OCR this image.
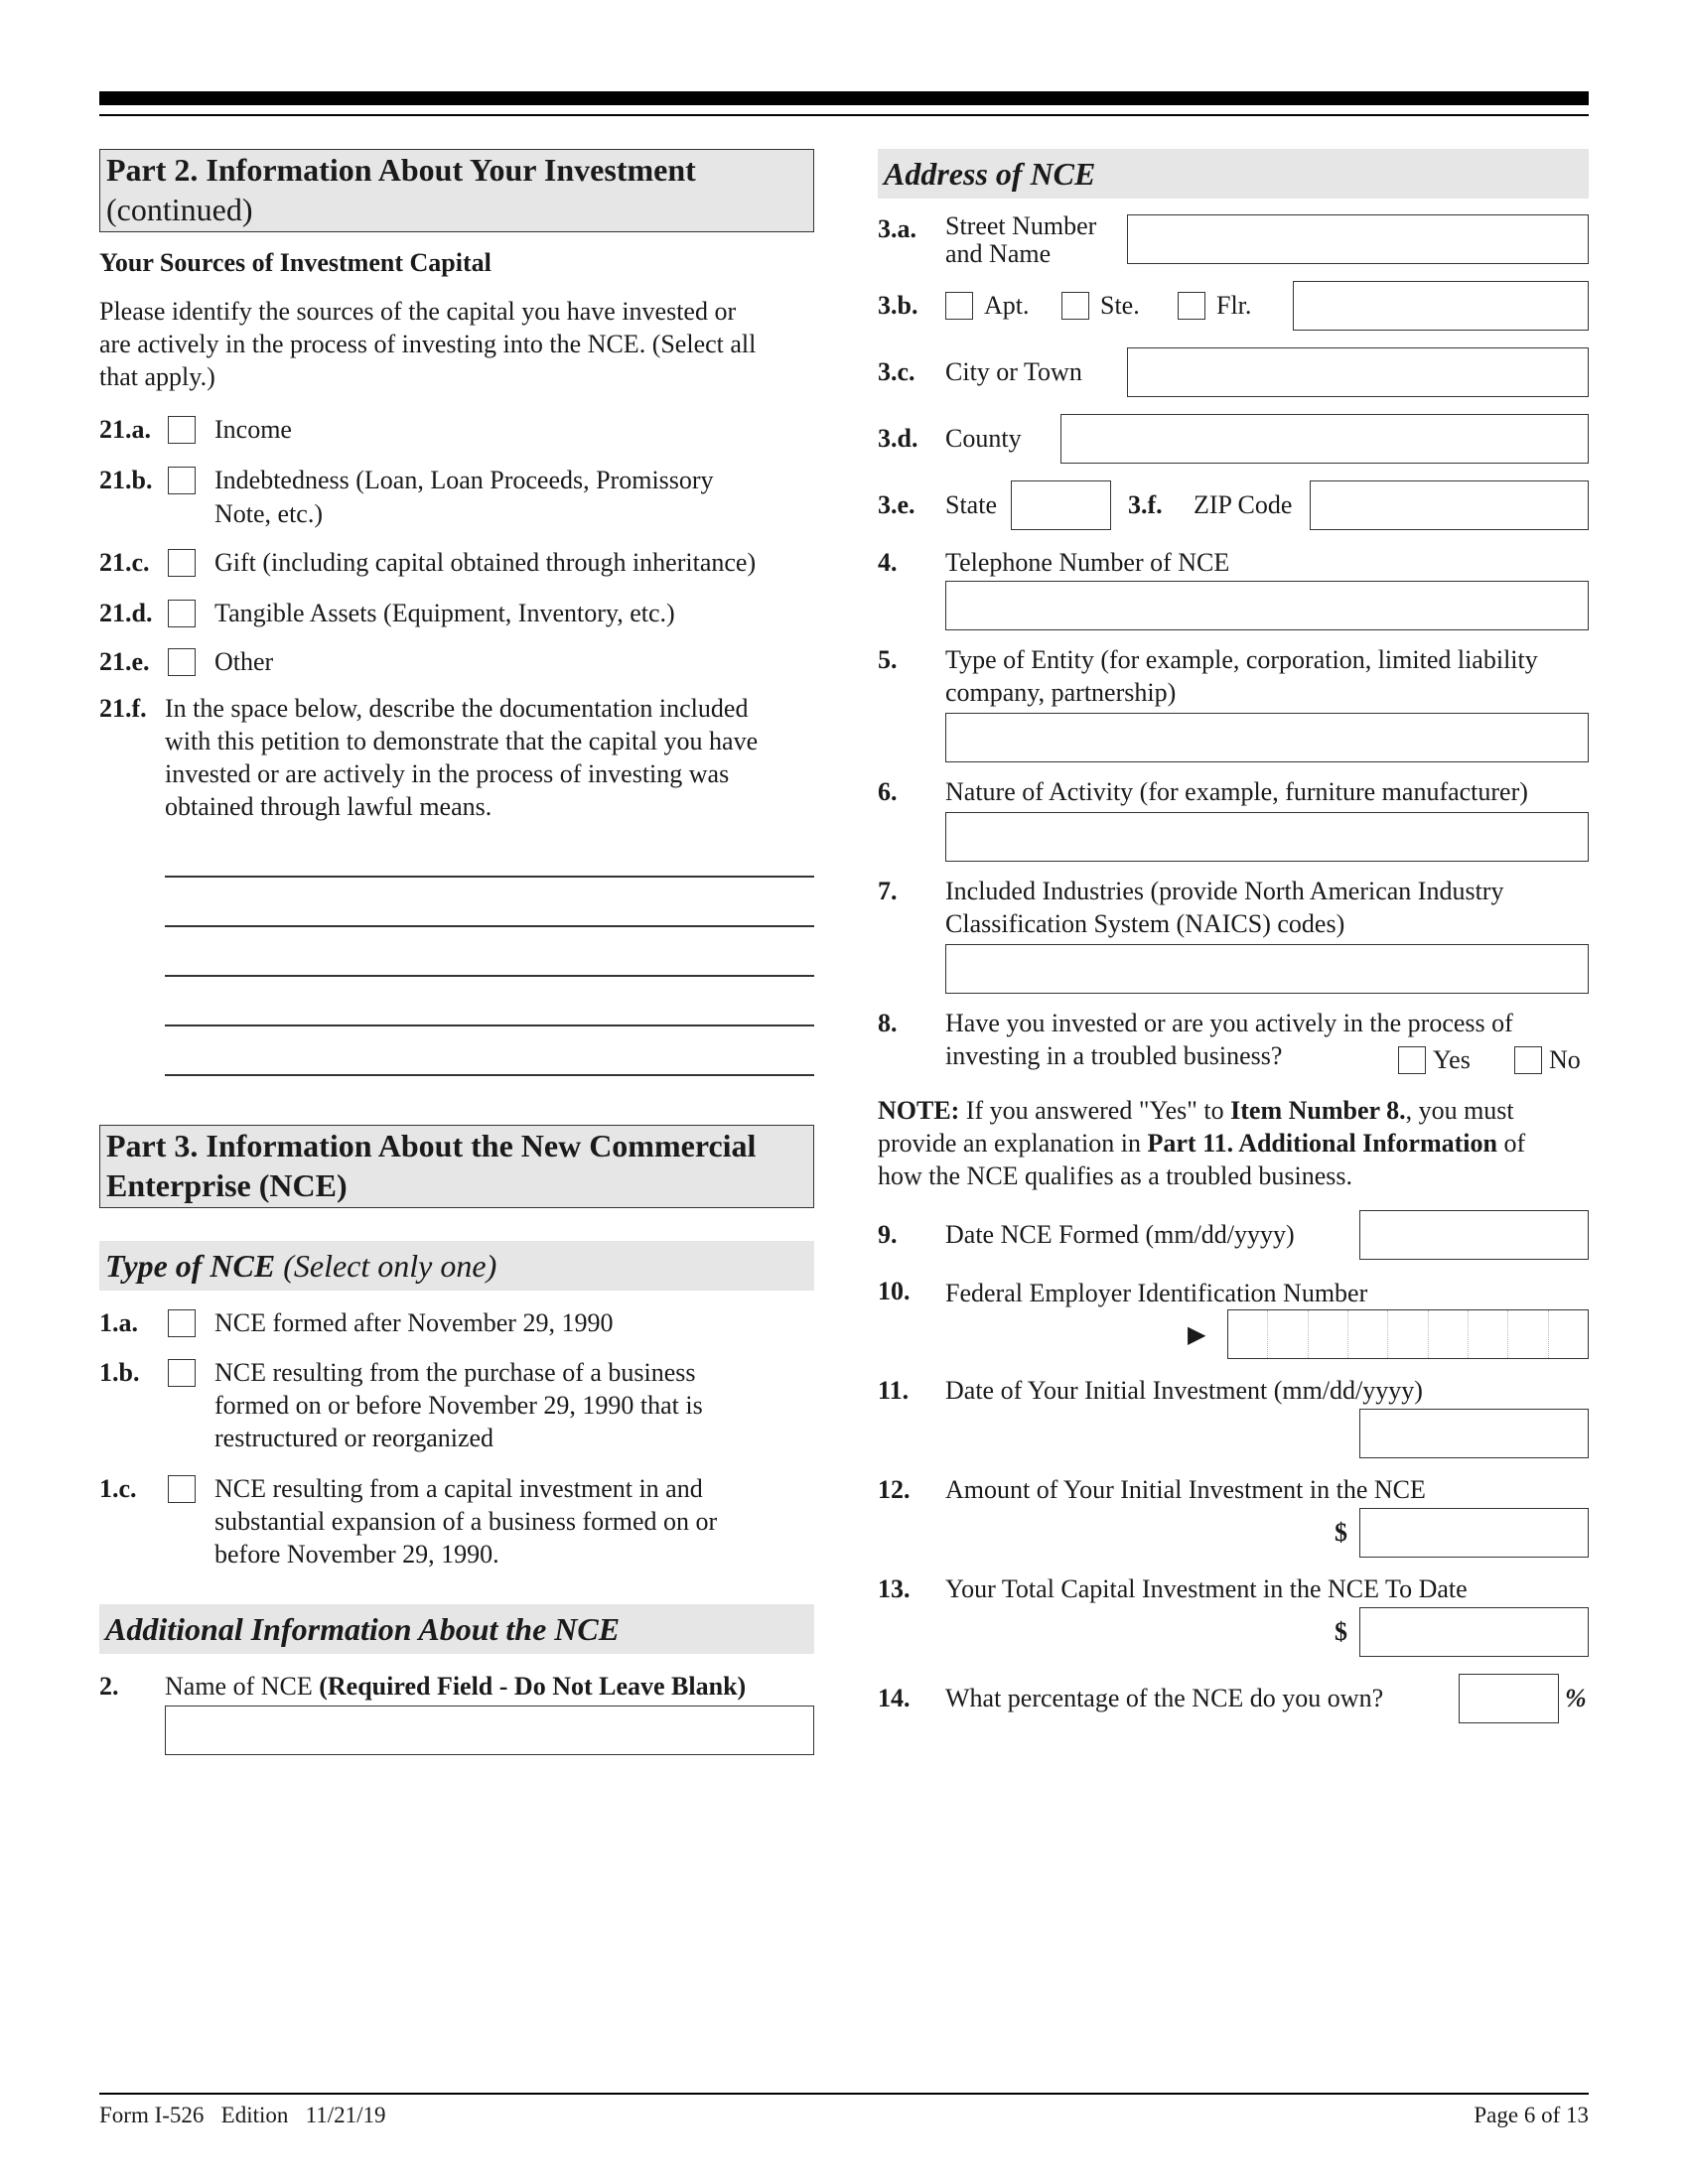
Part 2. Information About Your Investment
(continued)
Your Sources of Investment Capital
Please identify the sources of the capital you have invested or
are actively in the process of investing into the NCE. (Select all
that apply.)
21.a. Income
21.b. Indebtedness (Loan, Loan Proceeds, Promissory
Note, etc.)
21.c.	Gift (including capital obtained through inheritance)
21.d. Tangible Assets (Equipment, Inventory, etc.)
21.e.	Other
21.f. In the space below, describe the documentation included
with this petition to demonstrate that the capital you have
invested or are actively in the process of investing was
obtained through lawful means.
Part 3. Information About the New Commercial
Enterprise (NCE)
Type of NCE (Select only one)
1.a.	NCE formed after November 29, 1990
1.b.	NCE resulting from the purchase of a business
formed on or before November 29, 1990 that is
restructured or reorganized
1.c.	NCE resulting from a capital investment in and
substantial expansion of a business formed on or
before November 29, 1990.
Additional Information About the NCE
2. Name of NCE (Required Field - Do Not Leave Blank)
Address of NCE
3.a. Street Number
and Name
3.b.	Apt.	Ste.	Flr.
3.c. City or Town
3.d. County
3.e. State	3.f. ZIP Code
4. Telephone Number of NCE
5. Type of Entity (for example, corporation, limited liability
company, partnership)
6. Nature of Activity (for example, furniture manufacturer)
7. Included Industries (provide North American Industry
Classification System (NAICS) codes)
8. Have you invested or are you actively in the process of
investing in a troubled business?	Yes	No
NOTE: If you answered "Yes" to Item Number 8., you must
provide an explanation in Part 11. Additional Information of
how the NCE qualifies as a troubled business.
9. Date NCE Formed (mm/dd/yyyy)
10. Federal Employer Identification Number
▶
11. Date of Your Initial Investment (mm/dd/yyyy)
12. Amount of Your Initial Investment in the NCE
$
13. Your Total Capital Investment in the NCE To Date
$
14. What percentage of the NCE do you own?	%
Form I-526   Edition   11/21/19	Page 6 of 13
